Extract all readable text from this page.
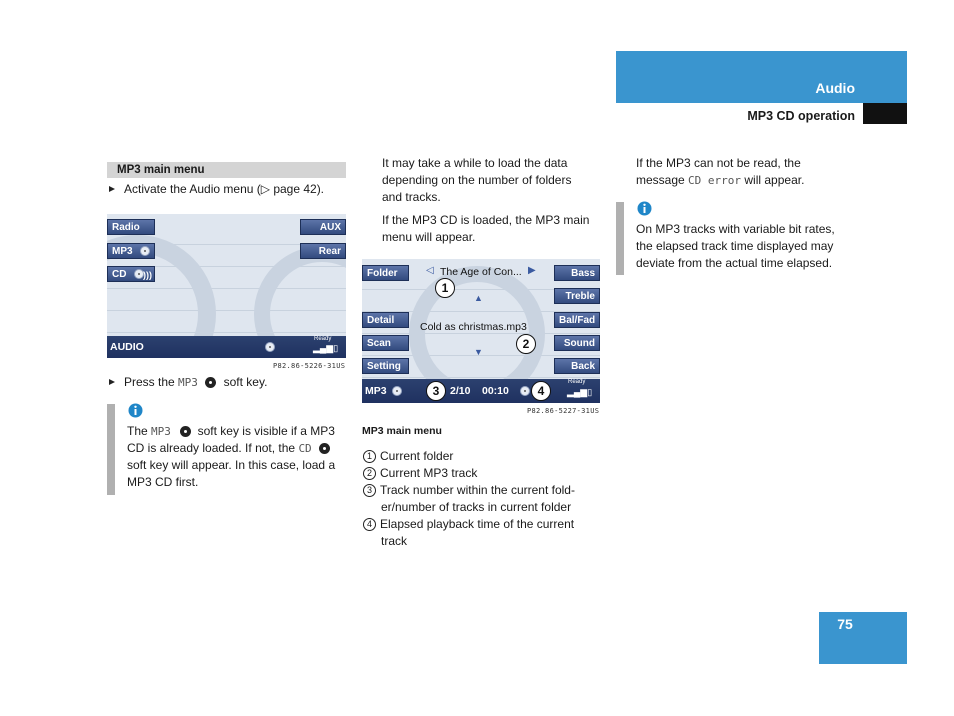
Audio
MP3 CD operation
MP3 main menu
Activate the Audio menu (▷ page 42).
Radio
MP3
CD )))
AUX
Rear
AUDIO
Ready
▂▄▆▯
P82.86-5226-31US
Press the MP3 soft key.
The MP3 soft key is visible if a MP3
CD is already loaded. If not, the CD
soft key will appear. In this case, load a
MP3 CD first.
It may take a while to load the data
depending on the number of folders
and tracks.
If the MP3 CD is loaded, the MP3 main
menu will appear.
Folder
Detail
Scan
Setting
Bass
Treble
Bal/Fad
Sound
Back
◁ The Age of Con... ▶
▲
Cold as christmas.mp3
▼
MP3	2/10 00:10
Ready
▂▄▆▯
1
2
3	4
P82.86-5227-31US
MP3 main menu
1 Current folder
2 Current MP3 track
3 Track number within the current fold-
er/number of tracks in current folder
4 Elapsed playback time of the current
track
If the MP3 can not be read, the
message CD error will appear.
On MP3 tracks with variable bit rates,
the elapsed track time displayed may
deviate from the actual time elapsed.
75
